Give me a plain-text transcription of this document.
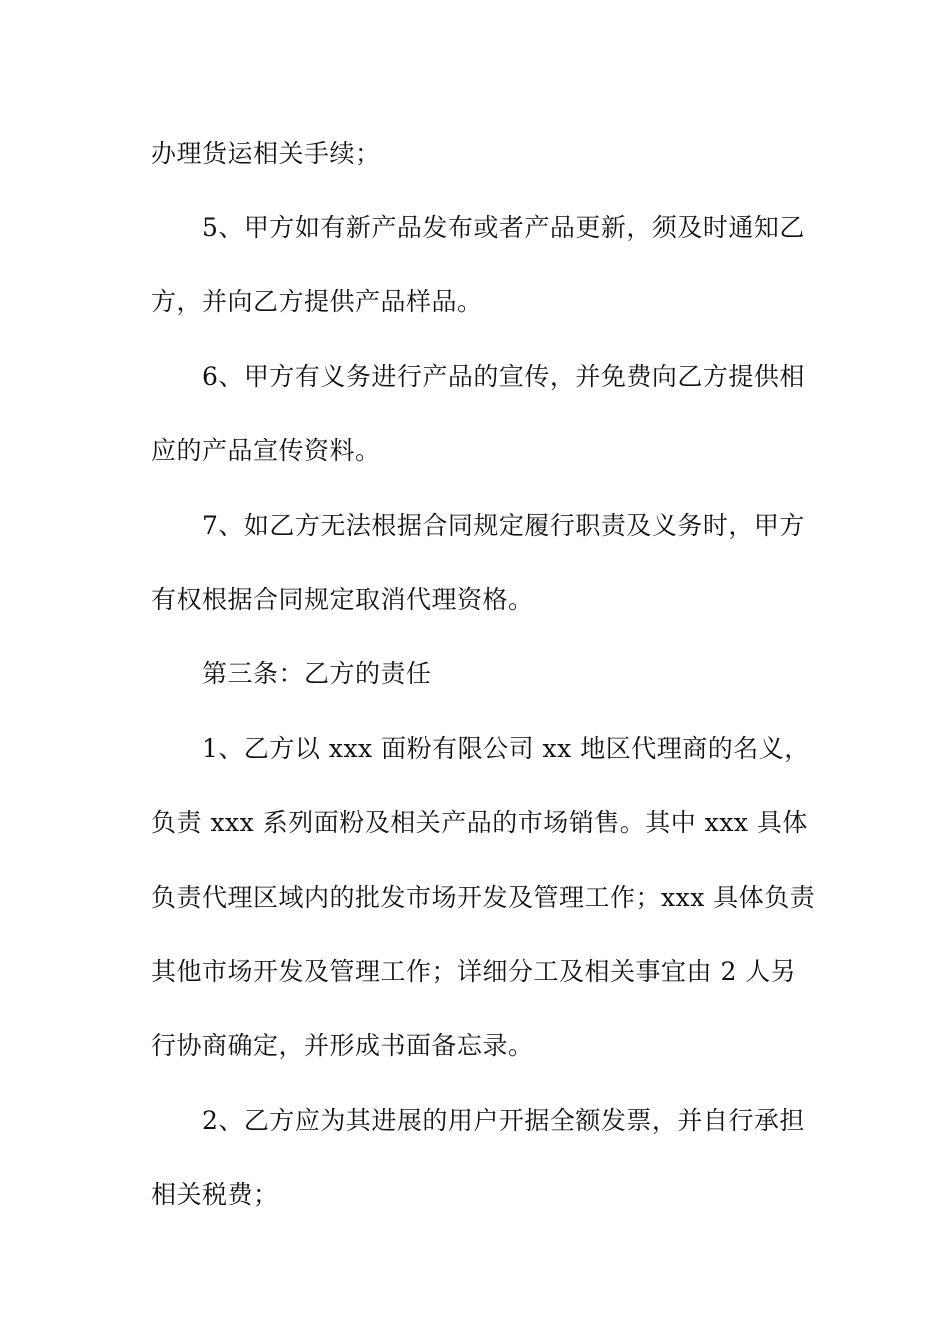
办理货运相关手续；
5、甲方如有新产品发布或者产品更新，须及时通知乙
方，并向乙方提供产品样品。
6、甲方有义务进行产品的宣传，并免费向乙方提供相
应的产品宣传资料。
7、如乙方无法根据合同规定履行职责及义务时，甲方
有权根据合同规定取消代理资格。
第三条：乙方的责任
1、乙方以 xxx 面粉有限公司 xx 地区代理商的名义，
负责 xxx 系列面粉及相关产品的市场销售。其中 xxx 具体
负责代理区域内的批发市场开发及管理工作；xxx 具体负责
其他市场开发及管理工作；详细分工及相关事宜由 2 人另
行协商确定，并形成书面备忘录。
2、乙方应为其进展的用户开据全额发票，并自行承担
相关税费；
